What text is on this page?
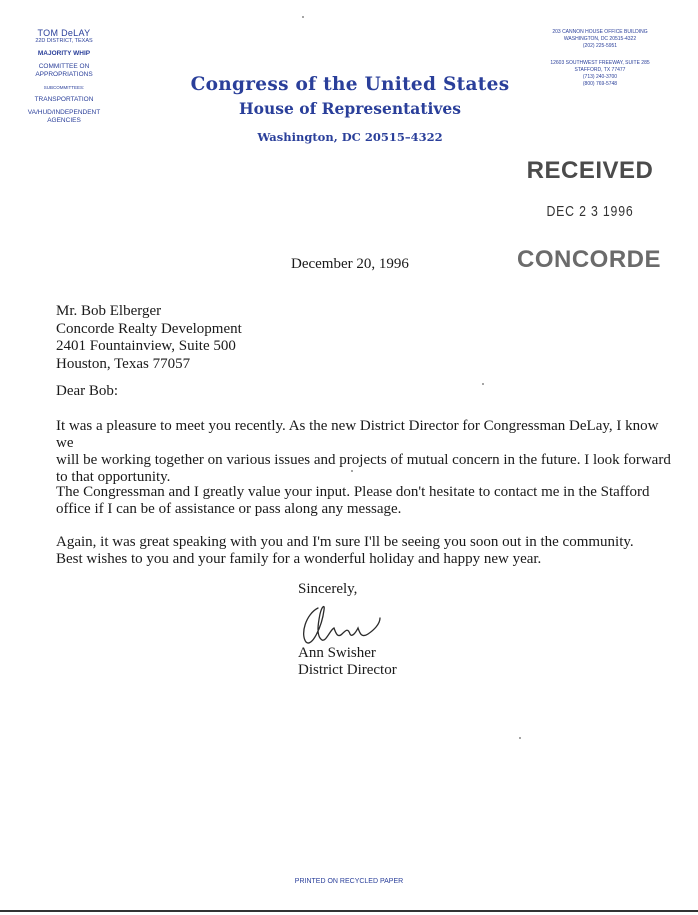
TOM DeLAY
22D DISTRICT, TEXAS
MAJORITY WHIP
COMMITTEE ON
APPROPRIATIONS
SUBCOMMITTEES:
TRANSPORTATION
VA/HUD/INDEPENDENT
AGENCIES
203 CANNON HOUSE OFFICE BUILDING
WASHINGTON, DC 20515-4322
(202) 225-5951
12603 SOUTHWEST FREEWAY, SUITE 285
STAFFORD, TX 77477
(713) 240-3700
(800) 769-5748
Congress of the United States
House of Representatives
Washington, DC 20515–4322
RECEIVED
DEC 2 3 1996
CONCORDE
December 20, 1996
Mr. Bob Elberger
Concorde Realty Development
2401 Fountainview, Suite 500
Houston, Texas 77057
Dear Bob:
It was a pleasure to meet you recently. As the new District Director for Congressman DeLay, I know we
will be working together on various issues and projects of mutual concern in the future. I look forward
to that opportunity.
The Congressman and I greatly value your input. Please don't hesitate to contact me in the Stafford
office if I can be of assistance or pass along any message.
Again, it was great speaking with you and I'm sure I'll be seeing you soon out in the community.
Best wishes to you and your family for a wonderful holiday and happy new year.
Sincerely,
Ann Swisher
District Director
PRINTED ON RECYCLED PAPER
